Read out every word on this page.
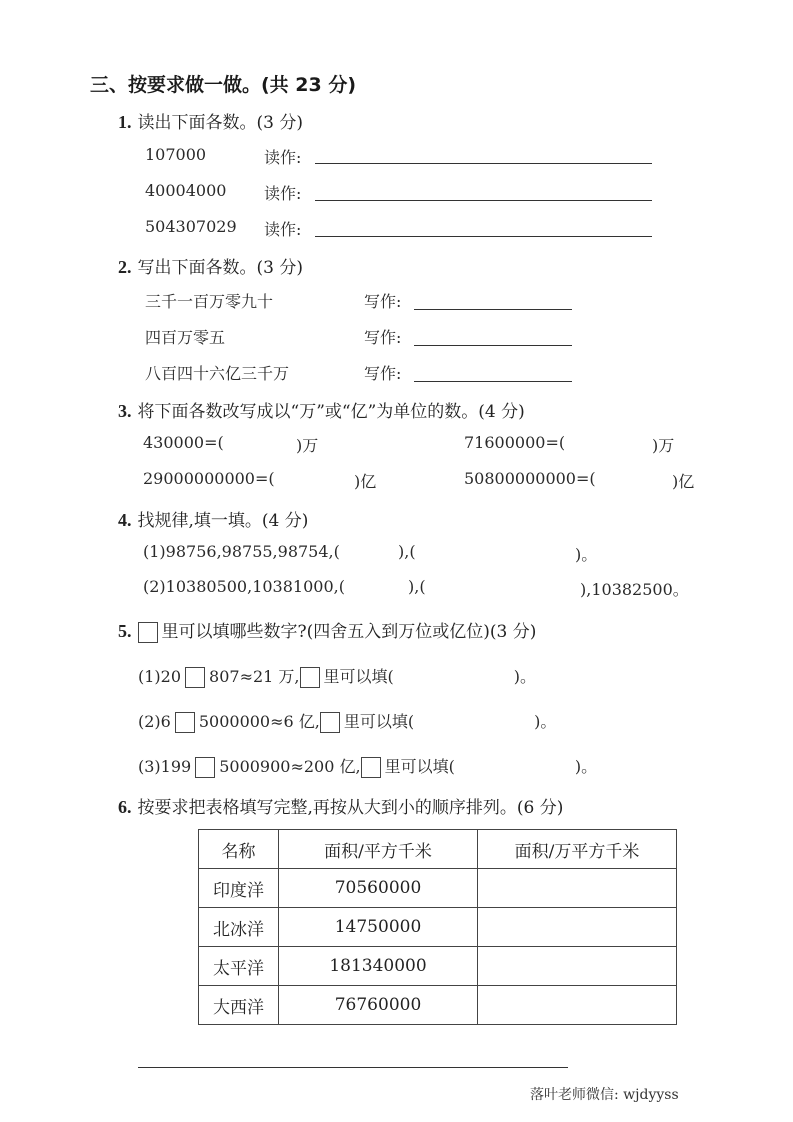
三、按要求做一做。(共 23 分)
1. 读出下面各数。(3 分)
107000	读作:
40004000 读作:
504307029 读作:
2. 写出下面各数。(3 分)
三千一百万零九十	写作:
四百万零五	写作:
八百四十六亿三千万	写作:
3. 将下面各数改写成以“万”或“亿”为单位的数。(4 分)
430000=(	)万	71600000=(	)万
29000000000=(	)亿	50800000000=(	)亿
4. 找规律,填一填。(4 分)
(1)98756,98755,98754,(	),(	)。
(2)10380500,10381000,(	),(	),10382500。
5. 里可以填哪些数字?(四舍五入到万位或亿位)(3 分)
(1)20 807≈21 万, 里可以填(	)。
(2)6 5000000≈6 亿, 里可以填(	)。
(3)199 5000900≈200 亿, 里可以填(	)。
6. 按要求把表格填写完整,再按从大到小的顺序排列。(6 分)
名称	面积/平方千米	面积/万平方千米
印度洋	70560000	
北冰洋	14750000	
太平洋	181340000	
大西洋	76760000	
落叶老师微信: wjdyyss
